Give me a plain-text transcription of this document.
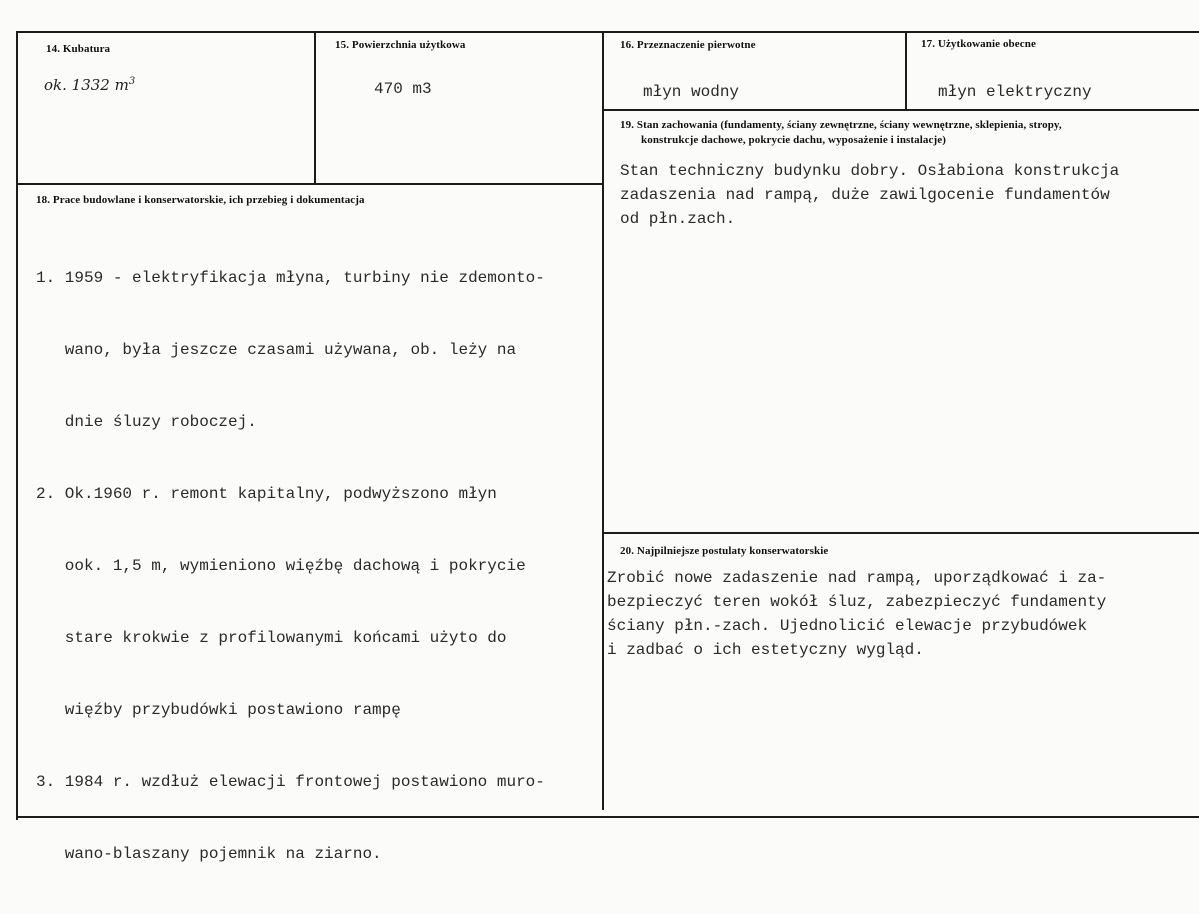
14. Kubatura
ok. 1332 $m^3$
15. Powierzchnia użytkowa
470 m3
16. Przeznaczenie pierwotne
młyn wodny
17. Użytkowanie obecne
młyn elektryczny
19. Stan zachowania (fundamenty, ściany zewnętrzne, ściany wewnętrzne, sklepienia, stropy,
konstrukcje dachowe, pokrycie dachu, wyposażenie i instalacje)
Stan techniczny budynku dobry. Osłabiona konstrukcja
zadaszenia nad rampą, duże zawilgocenie fundamentów
od płn.zach.
18. Prace budowlane i konserwatorskie, ich przebieg i dokumentacja

1. 1959 - elektryfikacja młyna, turbiny nie zdemonto-

wano, była jeszcze czasami używana, ob. leży na

dnie śluzy roboczej.

2. Ok.1960 r. remont kapitalny, podwyższono młyn

ook. 1,5 m, wymieniono więźbę dachową i pokrycie

stare krokwie z profilowanymi końcami użyto do

więźby przybudówki postawiono rampę

3. 1984 r. wzdłuż elewacji frontowej postawiono muro-

wano-blaszany pojemnik na ziarno.

20. Najpilniejsze postulaty konserwatorskie
Zrobić nowe zadaszenie nad rampą, uporządkować i za-
bezpieczyć teren wokół śluz, zabezpieczyć fundamenty
ściany płn.-zach. Ujednolicić elewacje przybudówek
i zadbać o ich estetyczny wygląd.
